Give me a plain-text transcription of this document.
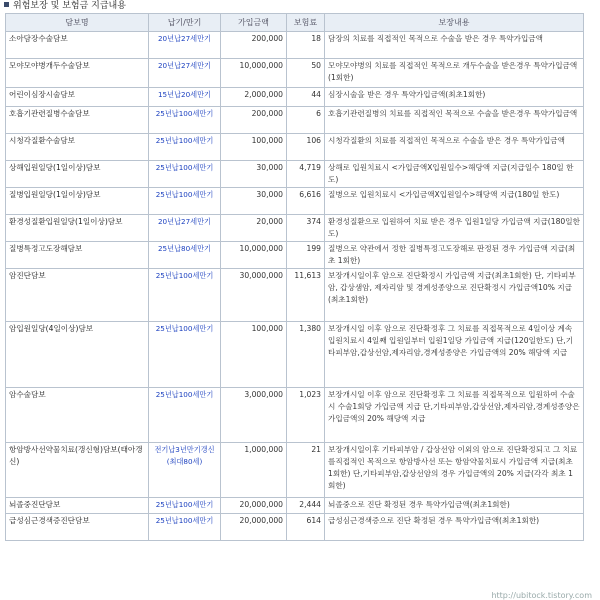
위험보장 및 보험금 지급내용
담보명	납기/만기	가입금액	보험료	보장내용
소아담장수술담보	20년납27세만기	200,000	18	담장의 치료를 직접적인 목적으로 수술을 받은 경우 특약가입금액
모야모야병개두수술담보	20년납27세만기	10,000,000	50	모야모야병의 치료를 직접적인 목적으로 개두수술을 받은경우 특약가입금액(1회한)
어린이심장시술담보	15년납20세만기	2,000,000	44	심장시술을 받은 경우 특약가입금액(최초1회한)
호흡기관련질병수술담보	25년납100세만기	200,000	6	호흡기관련질병의 치료를 직접적인 목적으로 수술을 받은경우 특약가입금액
시청각질환수술담보	25년납100세만기	100,000	106	시청각질환의 치료를 직접적인 목적으로 수술을 받은 경우 특약가입금액
상해입원일당(1일이상)담보	25년납100세만기	30,000	4,719	상해로 입원치료시 <가입금액X입원일수>해당액 지급(지급일수 180일 한도)
질병입원일당(1일이상)담보	25년납100세만기	30,000	6,616	질병으로 입원치료시 <가입금액X입원일수>해당액 지급(180일 한도)
환경성질환입원일당(1일이상)담보	20년납27세만기	20,000	374	환경성질환으로 입원하여 치료 받은 경우 입원1일당 가입금액 지급(180일한도)
질병특정고도장해담보	25년납80세만기	10,000,000	199	질병으로 약관에서 정한 질병특정고도장해로 판정된 경우 가입금액 지급(최초 1회한)
암진단담보	25년납100세만기	30,000,000	11,613	보장개시일이후 암으로 진단확정시 가입금액 지급(최초1회한) 단, 기타피부암, 갑상샘암, 제자리암 및 경계성종양으로 진단확정시 가입금액10% 지급(최초1회한)
암입원일당(4일이상)담보	25년납100세만기	100,000	1,380	보장개시일 이후 암으로 진단확정후 그 치료를 직접목적으로 4일이상 계속 입원치료시 4일째 입원일부터 입원1일당 가입금액 지급(120일한도) 단,기타피부암,갑상선암,제자리암,경계성종양은 가입금액의 20% 해당액 지급
암수술담보	25년납100세만기	3,000,000	1,023	보장개시일 이후 암으로 진단확정후 그 치료를 직접목적으로 입원하여 수술시 수술1회당 가입금액 지급 단,기타피부암,갑상선암,제자리암,경계성종양은 가입금액의 20% 해당액 지급
항암방사선약물치료(갱신형)담보(태아갱신)	전기납3년만기갱신(최대80세)	1,000,000	21	보장개시일이후 기타피부암 / 갑상선암 이외의 암으로 진단확정되고 그 치료를직접적인 목적으로 항암방사선 또는 항암약물치료시 가입금액 지급(최초 1회한) 단,기타피부암,갑상선암의 경우 가입금액의 20% 지급(각각 최초 1회한)
뇌졸중진단담보	25년납100세만기	20,000,000	2,444	뇌졸중으로 진단 확정된 경우 특약가입금액(최초1회한)
급성심근경색증진단담보	25년납100세만기	20,000,000	614	급성심근경색증으로 진단 확정된 경우 특약가입금액(최초1회한)
http://ubitock.tistory.com
